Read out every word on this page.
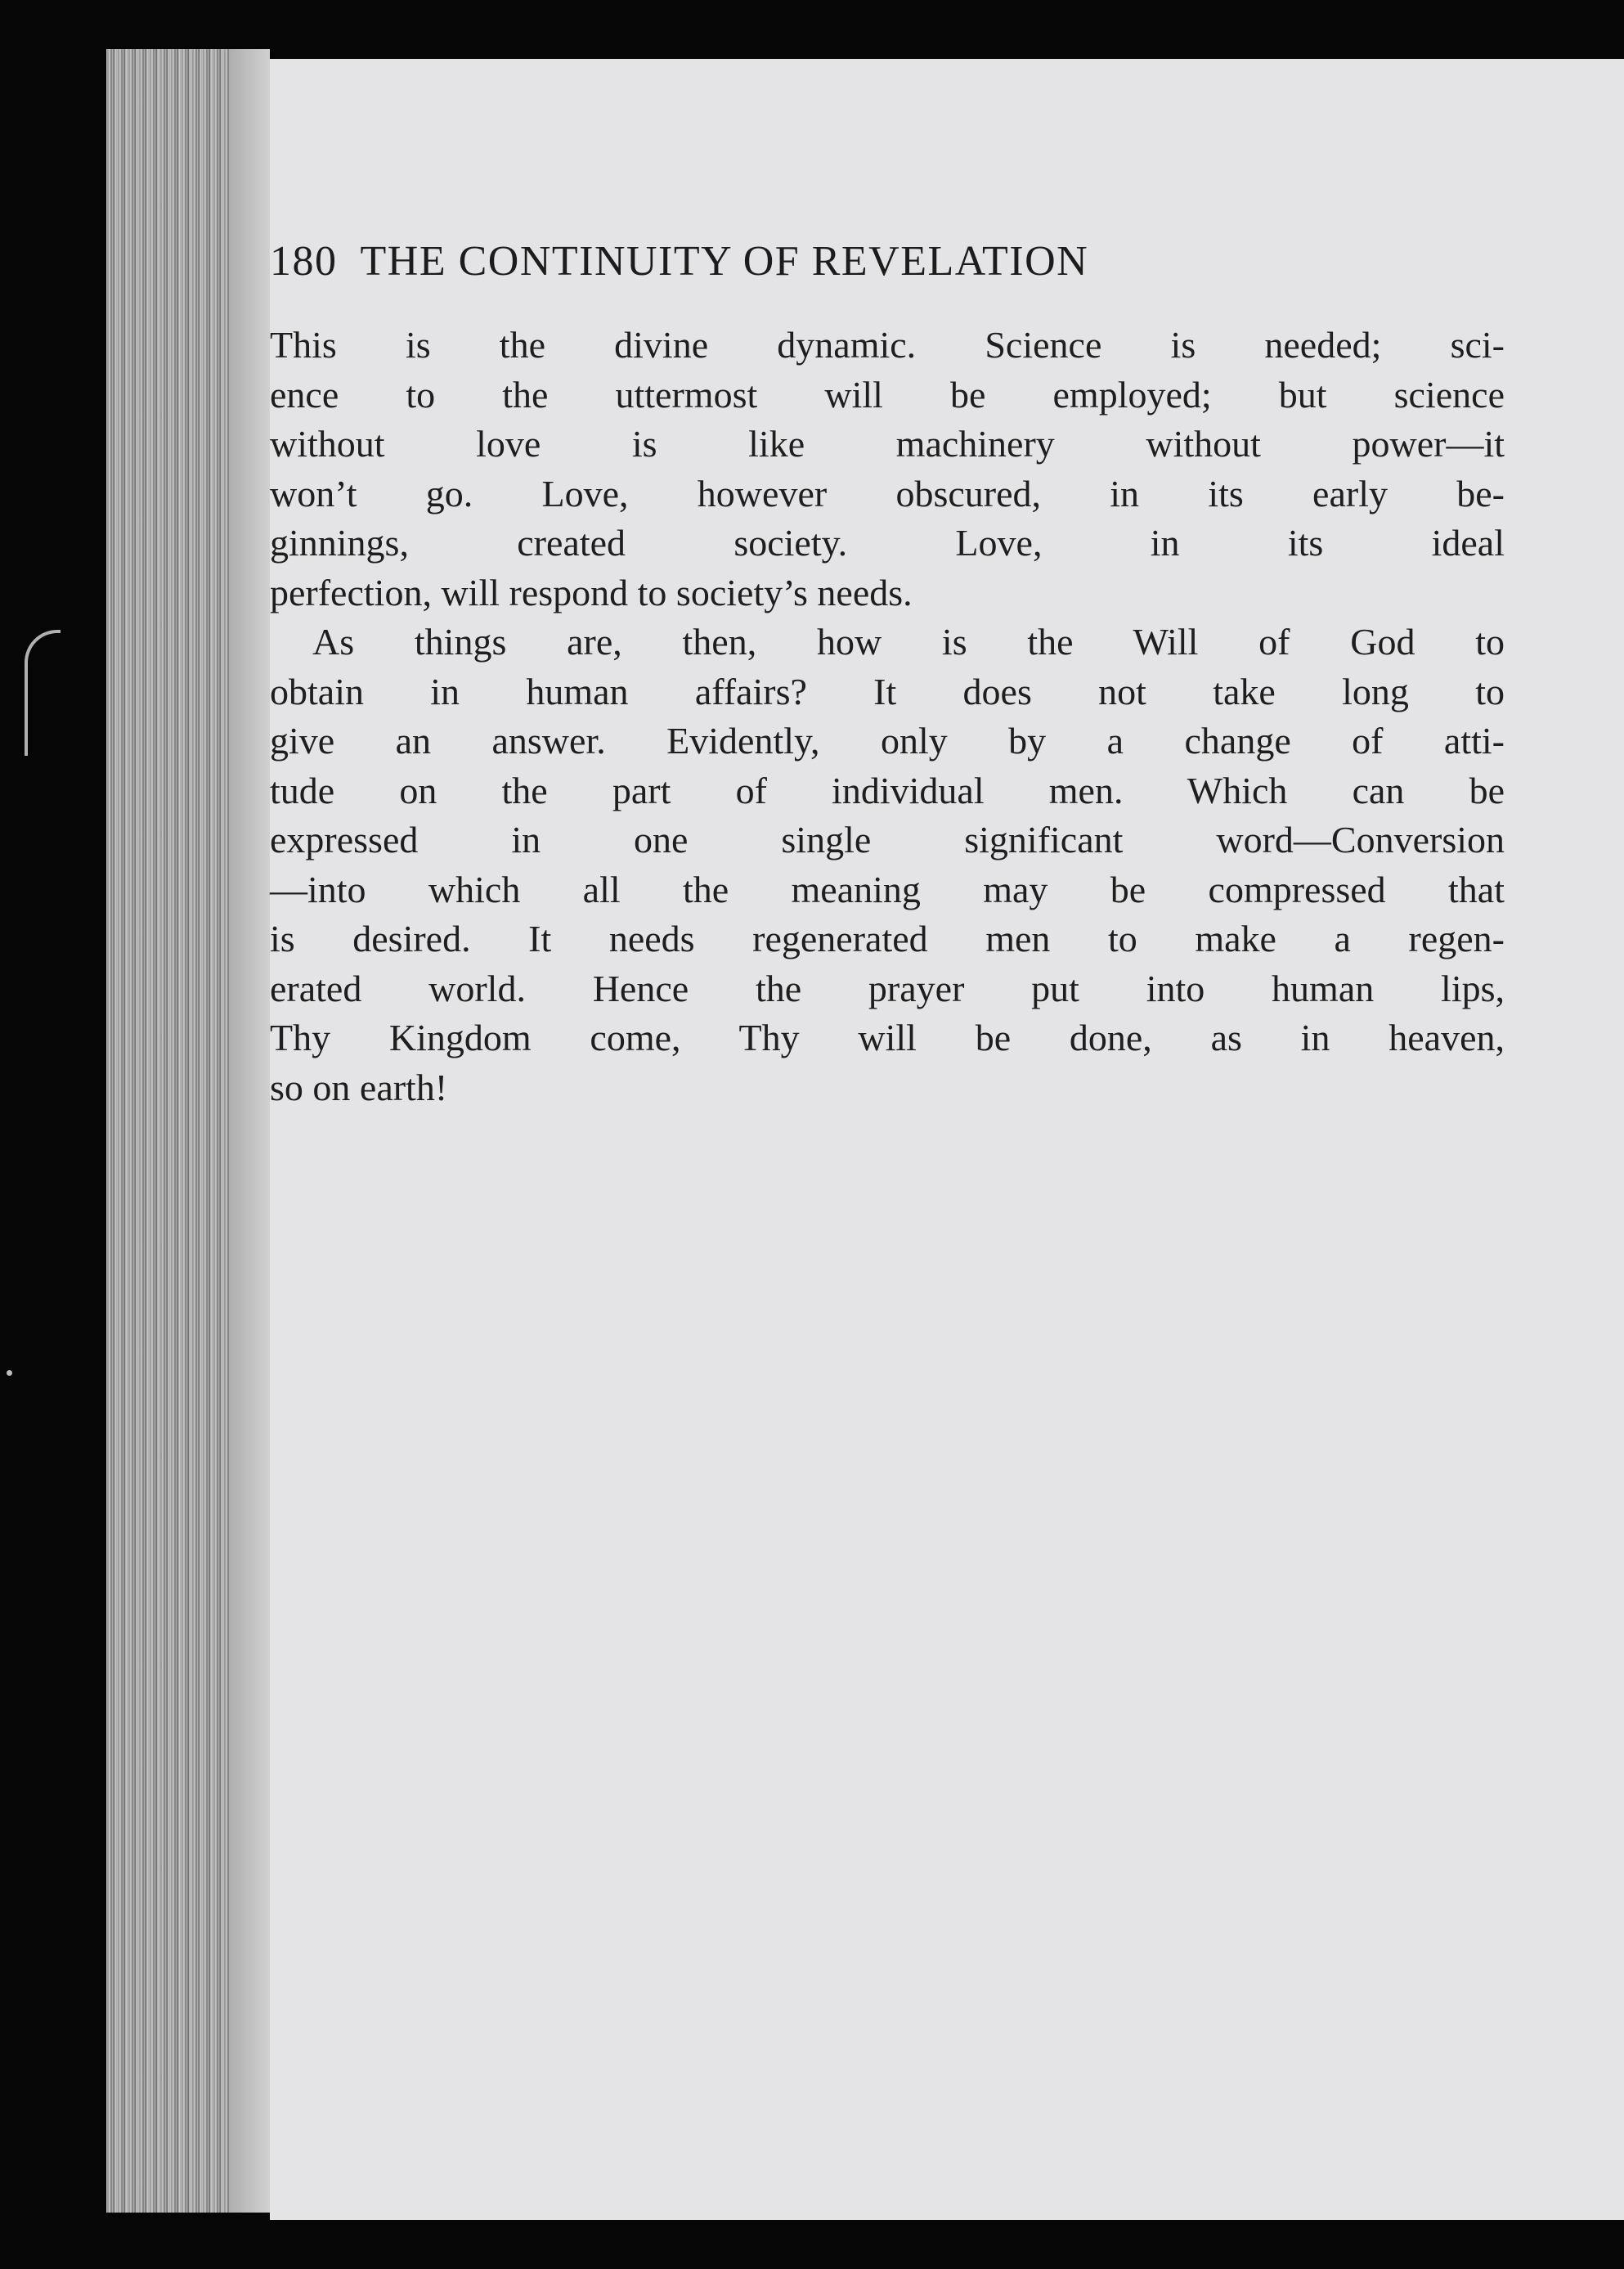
180 THE CONTINUITY OF REVELATION
This is the divine dynamic. Science is needed; sci-
ence to the uttermost will be employed; but science
without love is like machinery without power—it
won’t go. Love, however obscured, in its early be-
ginnings, created society. Love, in its ideal
perfection, will respond to society’s needs.
As things are, then, how is the Will of God to
obtain in human affairs? It does not take long to
give an answer. Evidently, only by a change of atti-
tude on the part of individual men. Which can be
expressed in one single significant word—Conversion
—into which all the meaning may be compressed that
is desired. It needs regenerated men to make a regen-
erated world. Hence the prayer put into human lips,
Thy Kingdom come, Thy will be done, as in heaven,
so on earth!
